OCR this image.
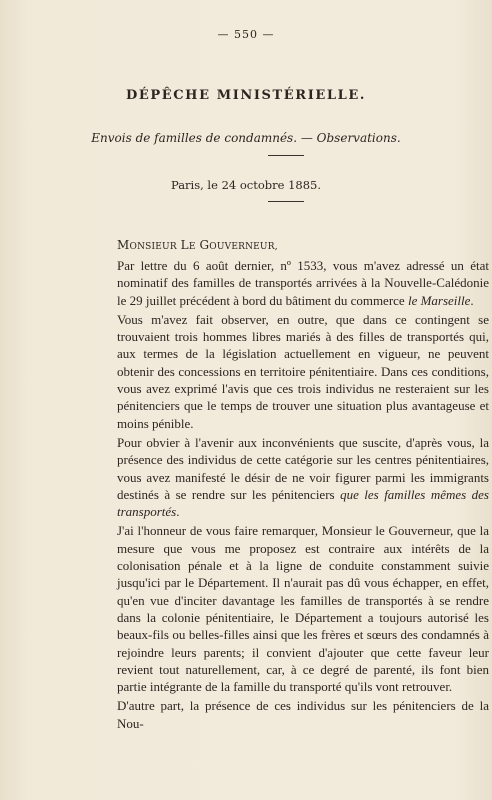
— 550 —
DÉPÊCHE MINISTÉRIELLE.
Envois de familles de condamnés. — Observations.
Paris, le 24 octobre 1885.
MONSIEUR LE GOUVERNEUR,

Par lettre du 6 août dernier, nº 1533, vous m'avez adressé un état nominatif des familles de transportés arrivées à la Nouvelle-Calédonie le 29 juillet précédent à bord du bâtiment du commerce le Marseille.

Vous m'avez fait observer, en outre, que dans ce contingent se trouvaient trois hommes libres mariés à des filles de transportés qui, aux termes de la législation actuellement en vigueur, ne peuvent obtenir des concessions en territoire pénitentiaire. Dans ces conditions, vous avez exprimé l'avis que ces trois individus ne resteraient sur les pénitenciers que le temps de trouver une situation plus avantageuse et moins pénible.

Pour obvier à l'avenir aux inconvénients que suscite, d'après vous, la présence des individus de cette catégorie sur les centres pénitentiaires, vous avez manifesté le désir de ne voir figurer parmi les immigrants destinés à se rendre sur les pénitenciers que les familles mêmes des transportés.

J'ai l'honneur de vous faire remarquer, Monsieur le Gouverneur, que la mesure que vous me proposez est contraire aux intérêts de la colonisation pénale et à la ligne de conduite constamment suivie jusqu'ici par le Département. Il n'aurait pas dû vous échapper, en effet, qu'en vue d'inciter davantage les familles de transportés à se rendre dans la colonie pénitentiaire, le Département a toujours autorisé les beaux-fils ou belles-filles ainsi que les frères et sœurs des condamnés à rejoindre leurs parents; il convient d'ajouter que cette faveur leur revient tout naturellement, car, à ce degré de parenté, ils font bien partie intégrante de la famille du transporté qu'ils vont retrouver.

D'autre part, la présence de ces individus sur les pénitenciers de la Nou-
